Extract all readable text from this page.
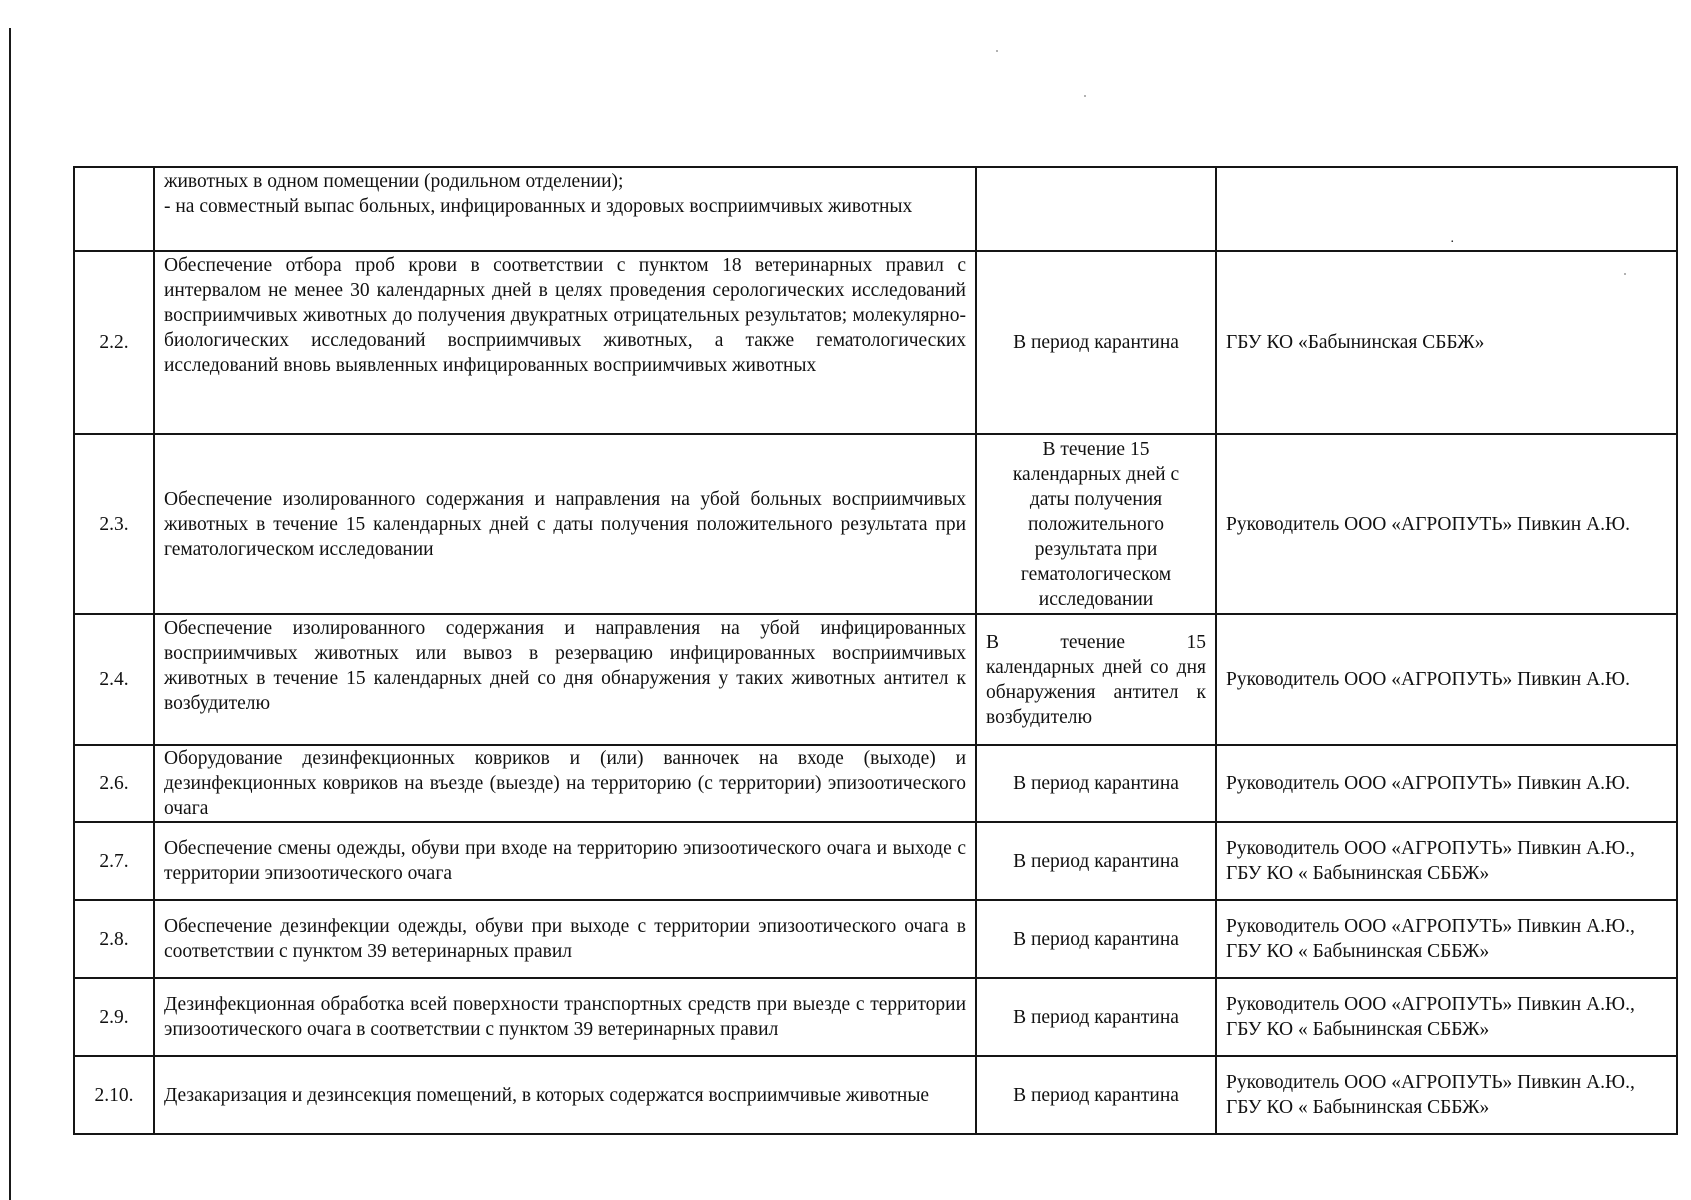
	животных в одном помещении (родильном отделении);
- на совместный выпас больных, инфицированных и здоровых восприимчивых животных		.
2.2.	Обеспечение отбора проб крови в соответствии с пунктом 18 ветеринарных правил с интервалом не менее 30 календарных дней в целях проведения серологических исследований восприимчивых животных до получения двукратных отрицательных результатов; молекулярно-биологических исследований восприимчивых животных, а также гематологических исследований вновь выявленных инфицированных восприимчивых животных	В период карантина	ГБУ КО «Бабынинская СББЖ»
2.3.	Обеспечение изолированного содержания и направления на убой больных восприимчивых животных в течение 15 календарных дней с даты получения положительного результата при гематологическом исследовании	В течение 15 календарных дней с даты получения положительного результата при гематологическом исследовании	Руководитель ООО «АГРОПУТЬ» Пивкин А.Ю.
2.4.	Обеспечение изолированного содержания и направления на убой инфицированных восприимчивых животных или вывоз в резервацию инфицированных восприимчивых животных в течение 15 календарных дней со дня обнаружения у таких животных антител к возбудителю	В течение 15 календарных дней со дня обнаружения антител к возбудителю	Руководитель ООО «АГРОПУТЬ» Пивкин А.Ю.
2.6.	Оборудование дезинфекционных ковриков и (или) ванночек на входе (выходе) и дезинфекционных ковриков на въезде (выезде) на территорию (с территории) эпизоотического очага	В период карантина	Руководитель ООО «АГРОПУТЬ» Пивкин А.Ю.
2.7.	Обеспечение смены одежды, обуви при входе на территорию эпизоотического очага и выходе с территории эпизоотического очага	В период карантина	Руководитель ООО «АГРОПУТЬ» Пивкин А.Ю.,
ГБУ КО « Бабынинская СББЖ»
2.8.	Обеспечение дезинфекции одежды, обуви при выходе с территории эпизоотического очага в соответствии с пунктом 39 ветеринарных правил	В период карантина	Руководитель ООО «АГРОПУТЬ» Пивкин А.Ю.,
ГБУ КО « Бабынинская СББЖ»
2.9.	Дезинфекционная обработка всей поверхности транспортных средств при выезде с территории эпизоотического очага в соответствии с пунктом 39 ветеринарных правил	В период карантина	Руководитель ООО «АГРОПУТЬ» Пивкин А.Ю.,
ГБУ КО « Бабынинская СББЖ»
2.10.	Дезакаризация и дезинсекция помещений, в которых содержатся восприимчивые животные	В период карантина	Руководитель ООО «АГРОПУТЬ» Пивкин А.Ю.,
ГБУ КО « Бабынинская СББЖ»
